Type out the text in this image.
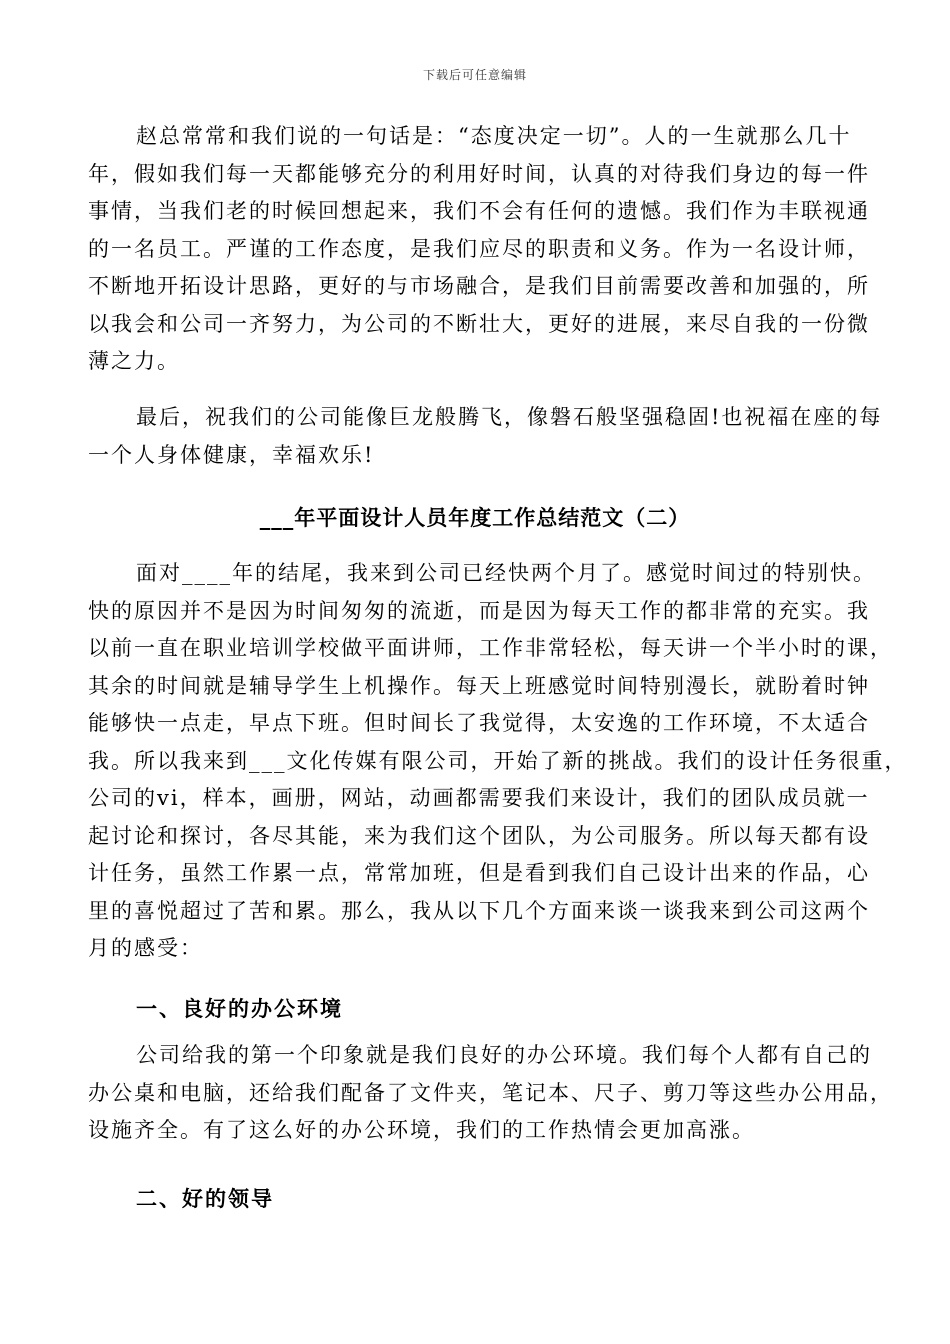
下载后可任意编辑
赵总常常和我们说的一句话是：“态度决定一切”。人的一生就那么几十
年，假如我们每一天都能够充分的利用好时间，认真的对待我们身边的每一件
事情，当我们老的时候回想起来，我们不会有任何的遗憾。我们作为丰联视通
的一名员工。严谨的工作态度，是我们应尽的职责和义务。作为一名设计师，
不断地开拓设计思路，更好的与市场融合，是我们目前需要改善和加强的，所
以我会和公司一齐努力，为公司的不断壮大，更好的进展，来尽自我的一份微
薄之力。
最后，祝我们的公司能像巨龙般腾飞，像磐石般坚强稳固!也祝福在座的每
一个人身体健康，幸福欢乐!
___年平面设计人员年度工作总结范文（二）
面对____年的结尾，我来到公司已经快两个月了。感觉时间过的特别快。
快的原因并不是因为时间匆匆的流逝，而是因为每天工作的都非常的充实。我
以前一直在职业培训学校做平面讲师，工作非常轻松，每天讲一个半小时的课，
其余的时间就是辅导学生上机操作。每天上班感觉时间特别漫长，就盼着时钟
能够快一点走，早点下班。但时间长了我觉得，太安逸的工作环境，不太适合
我。所以我来到___文化传媒有限公司，开始了新的挑战。我们的设计任务很重，
公司的vi，样本，画册，网站，动画都需要我们来设计，我们的团队成员就一
起讨论和探讨，各尽其能，来为我们这个团队，为公司服务。所以每天都有设
计任务，虽然工作累一点，常常加班，但是看到我们自己设计出来的作品，心
里的喜悦超过了苦和累。那么，我从以下几个方面来谈一谈我来到公司这两个
月的感受：
一、良好的办公环境
公司给我的第一个印象就是我们良好的办公环境。我们每个人都有自己的
办公桌和电脑，还给我们配备了文件夹，笔记本、尺子、剪刀等这些办公用品，
设施齐全。有了这么好的办公环境，我们的工作热情会更加高涨。
二、好的领导
